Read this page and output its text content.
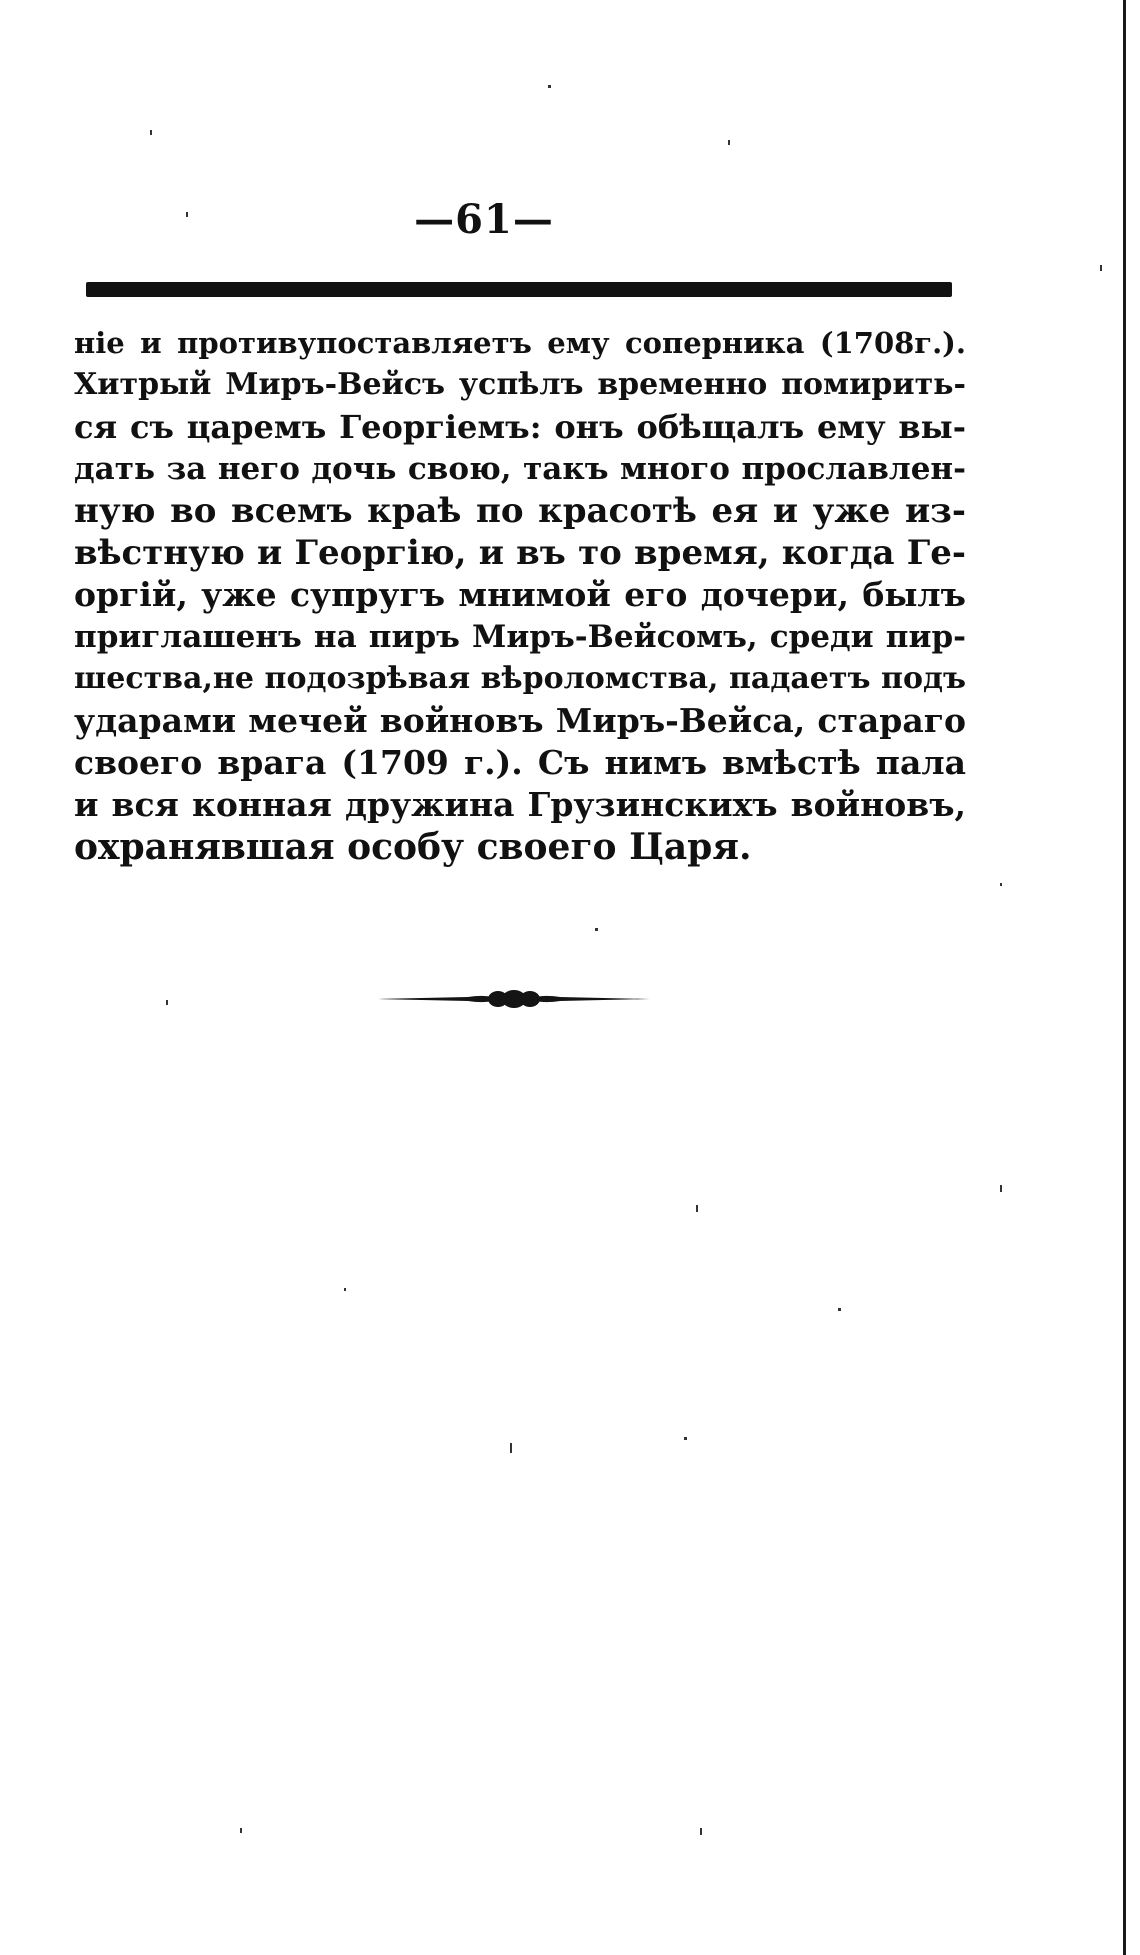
—61—
ніе и противупоставляетъ ему соперника (1708г.).
Хитрый Миръ-Вейсъ успѣлъ временно помирить-
ся съ царемъ Георгіемъ: онъ обѣщалъ ему вы-
дать за него дочь свою, такъ много прославлен-
ную во всемъ краѣ по красотѣ ея и уже из-
вѣстную и Георгію, и въ то время, когда Ге-
оргій, уже супругъ мнимой его дочери, былъ
приглашенъ на пиръ Миръ-Вейсомъ, среди пир-
шества,не подозрѣвая вѣроломства, падаетъ подъ
ударами мечей войновъ Миръ-Вейса, стараго
своего врага (1709 г.). Съ нимъ вмѣстѣ пала
и вся конная дружина Грузинскихъ войновъ,
охранявшая особу своего Царя.
